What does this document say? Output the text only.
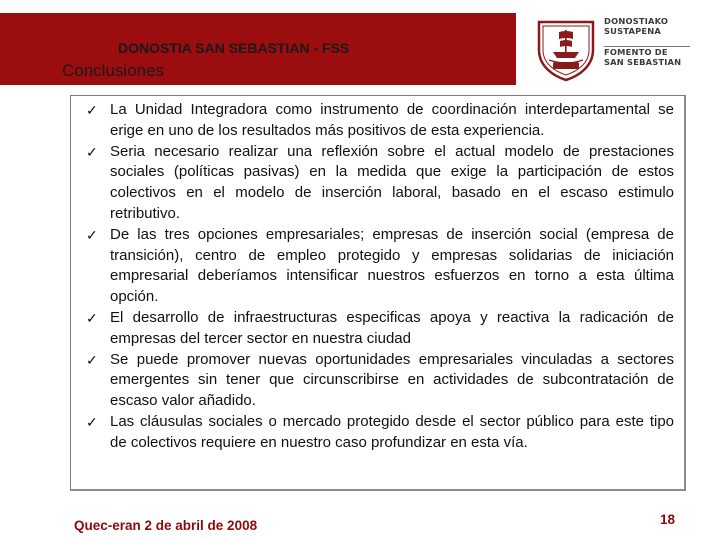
DONOSTIA SAN SEBASTIAN - FSS
Conclusiones
DONOSTIAKO
SUSTAPENA
FOMENTO DE
SAN SEBASTIAN
✓ La Unidad Integradora como instrumento de coordinación interdepartamental se erige en uno de los resultados más positivos de esta experiencia.
✓ Seria necesario realizar una reflexión sobre el actual modelo de prestaciones sociales (políticas pasivas) en la medida que exige la participación de estos colectivos en el modelo de inserción laboral, basado en el escaso estimulo retributivo.
✓ De las tres opciones empresariales; empresas de inserción social (empresa de transición), centro de empleo protegido y empresas solidarias de iniciación empresarial deberíamos intensificar nuestros esfuerzos en torno a esta última opción.
✓ El desarrollo de infraestructuras especificas apoya y reactiva la radicación de empresas del tercer sector en nuestra ciudad
✓ Se puede promover nuevas oportunidades empresariales vinculadas a sectores emergentes sin tener que circunscribirse en actividades de subcontratación de escaso valor añadido.
✓ Las cláusulas sociales o mercado protegido desde el sector público para este tipo de colectivos requiere en nuestro caso profundizar en esta vía.
Quec-eran 2 de abril de 2008	18
